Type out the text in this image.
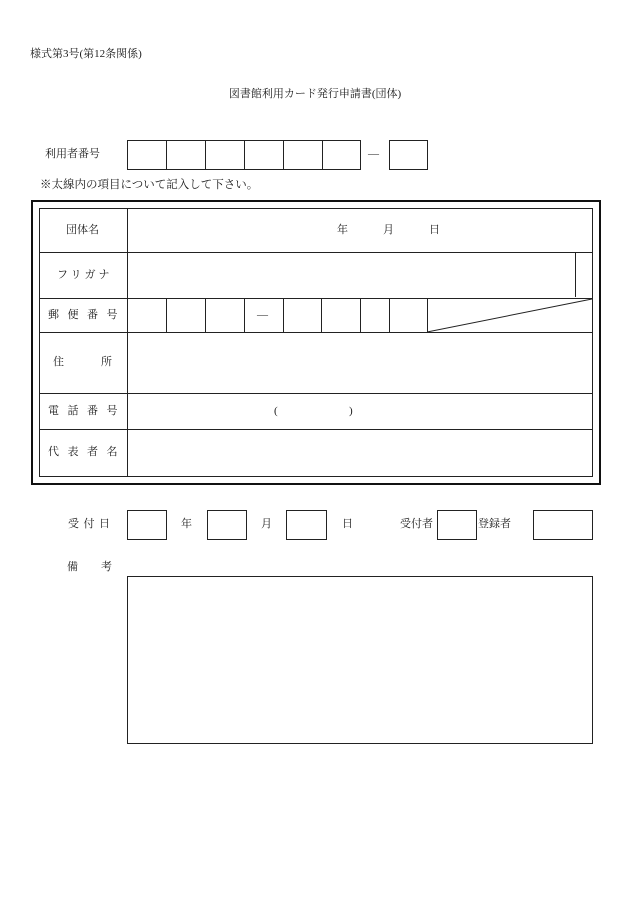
様式第3号(第12条関係)
図書館利用カード発行申請書(団体)
利用者番号	—
※太線内の項目について記入して下さい。
団体名	年	月	日
フリガナ
郵便番号	—
住所
電話番号	(	)
代表者名
受付日	年	月	日	受付者	登録者
備考
